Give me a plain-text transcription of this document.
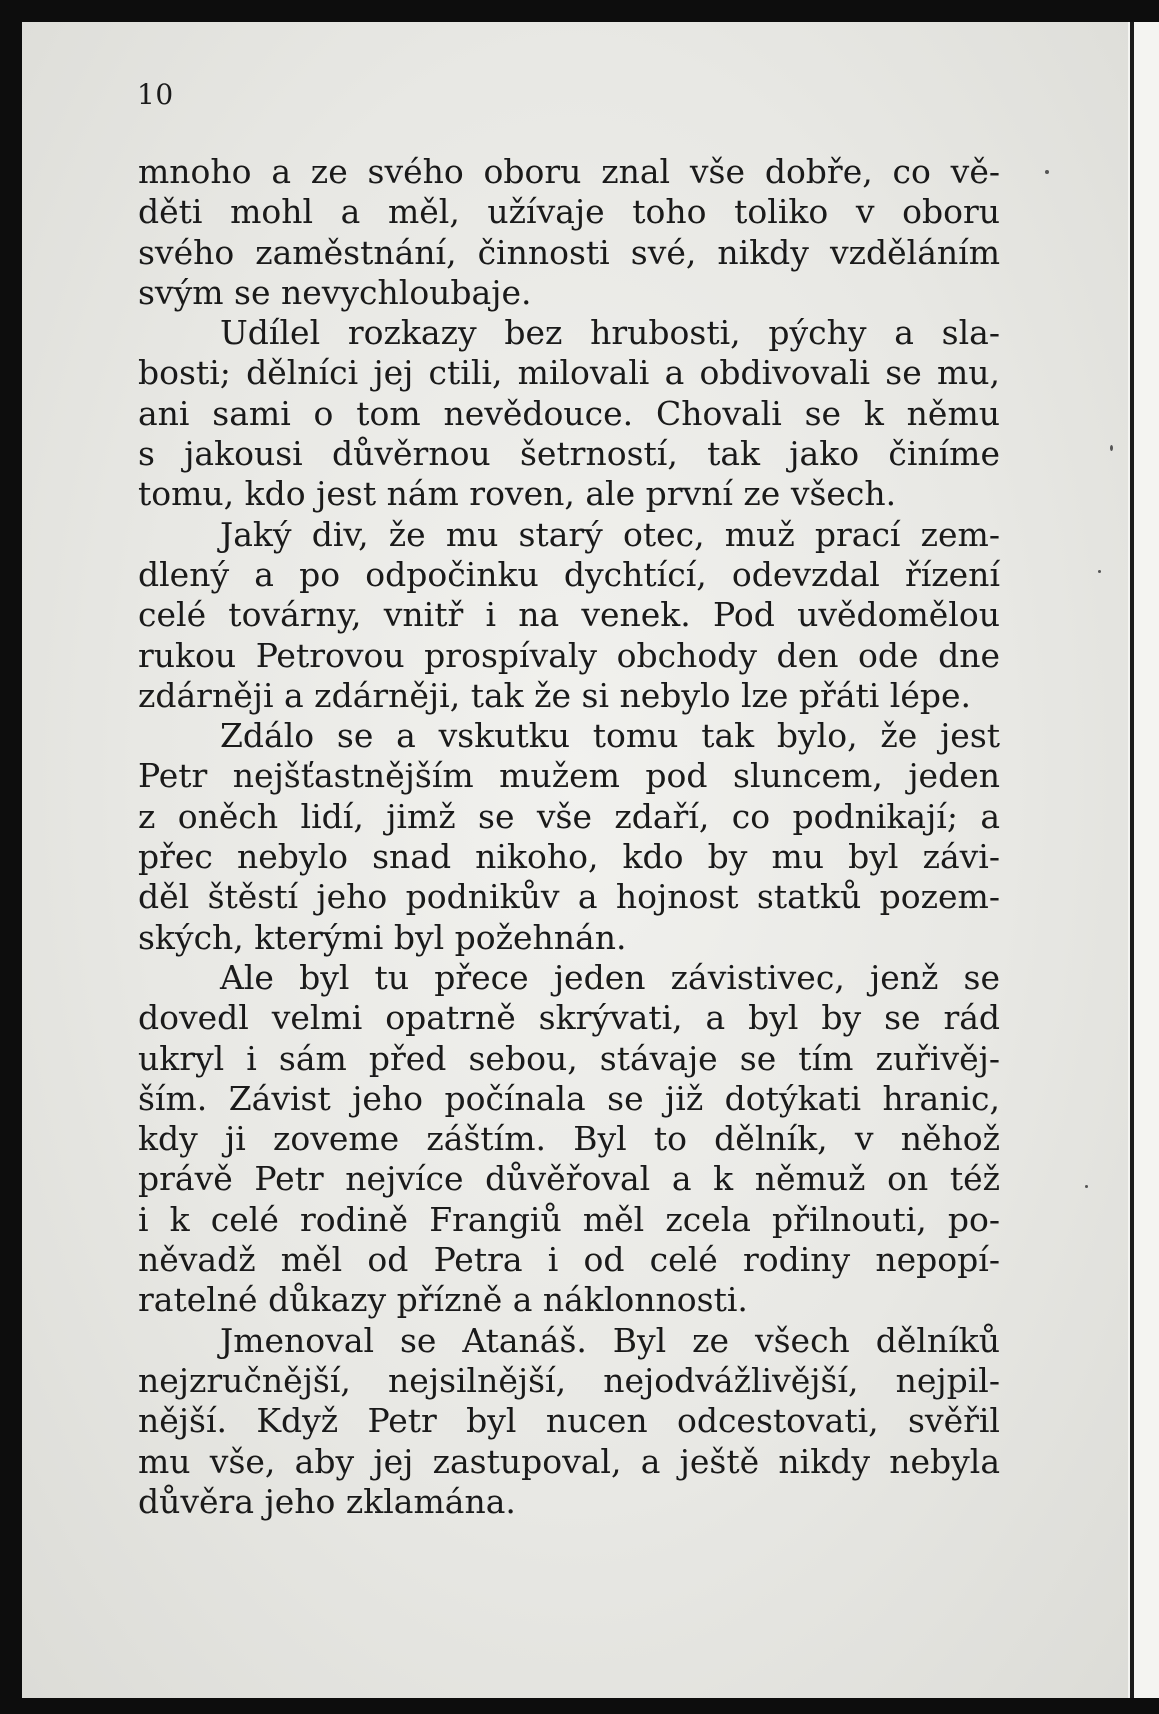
10
mnoho a ze svého oboru znal vše dobře, co vě-
děti mohl a měl, užívaje toho toliko v oboru
svého zaměstnání, činnosti své, nikdy vzděláním
svým se nevychloubaje.
Udílel rozkazy bez hrubosti, pýchy a sla-
bosti; dělníci jej ctili, milovali a obdivovali se mu,
ani sami o tom nevědouce. Chovali se k němu
s jakousi důvěrnou šetrností, tak jako činíme
tomu, kdo jest nám roven, ale první ze všech.
Jaký div, že mu starý otec, muž prací zem-
dlený a po odpočinku dychtící, odevzdal řízení
celé továrny, vnitř i na venek. Pod uvědomělou
rukou Petrovou prospívaly obchody den ode dne
zdárněji a zdárněji, tak že si nebylo lze přáti lépe.
Zdálo se a vskutku tomu tak bylo, že jest
Petr nejšťastnějším mužem pod sluncem, jeden
z oněch lidí, jimž se vše zdaří, co podnikají; a
přec nebylo snad nikoho, kdo by mu byl závi-
děl štěstí jeho podnikův a hojnost statků pozem-
ských, kterými byl požehnán.
Ale byl tu přece jeden závistivec, jenž se
dovedl velmi opatrně skrývati, a byl by se rád
ukryl i sám před sebou, stávaje se tím zuřivěj-
ším. Závist jeho počínala se již dotýkati hranic,
kdy ji zoveme záštím. Byl to dělník, v něhož
právě Petr nejvíce důvěřoval a k němuž on též
i k celé rodině Frangiů měl zcela přilnouti, po-
něvadž měl od Petra i od celé rodiny nepopí-
ratelné důkazy přízně a náklonnosti.
Jmenoval se Atanáš. Byl ze všech dělníků
nejzručnější, nejsilnější, nejodvážlivější, nejpil-
nější. Když Petr byl nucen odcestovati, svěřil
mu vše, aby jej zastupoval, a ještě nikdy nebyla
důvěra jeho zklamána.
